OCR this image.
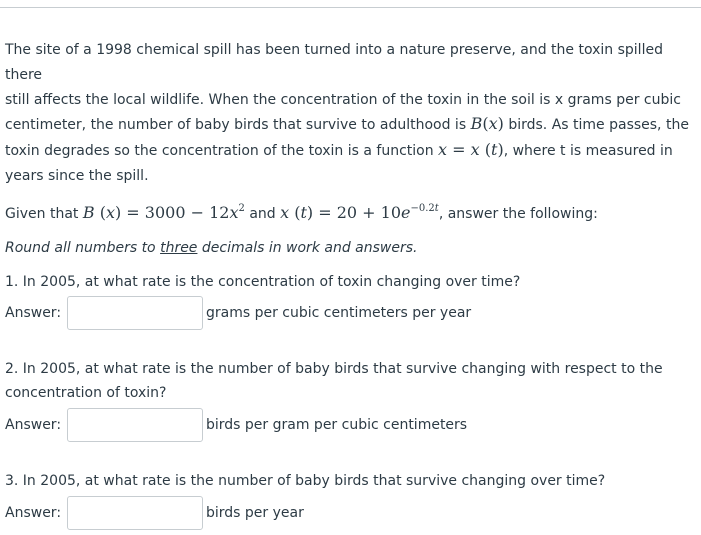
The site of a 1998 chemical spill has been turned into a nature preserve, and the toxin spilled there
still affects the local wildlife. When the concentration of the toxin in the soil is x grams per cubic
centimeter, the number of baby birds that survive to adulthood is B(x) birds. As time passes, the
toxin degrades so the concentration of the toxin is a function x = x (t), where t is measured in
years since the spill.

Given that B $(x) = 3000 - 12x^2$ and x $(t) = 20 + 10e^{-0.2t}$, answer the following:

Round all numbers to three decimals in work and answers.

1. In 2005, at what rate is the concentration of toxin changing over time?

Answer:	grams per cubic centimeters per year

2. In 2005, at what rate is the number of baby birds that survive changing with respect to the
concentration of toxin?

Answer:	birds per gram per cubic centimeters

3. In 2005, at what rate is the number of baby birds that survive changing over time?

Answer:	birds per year
